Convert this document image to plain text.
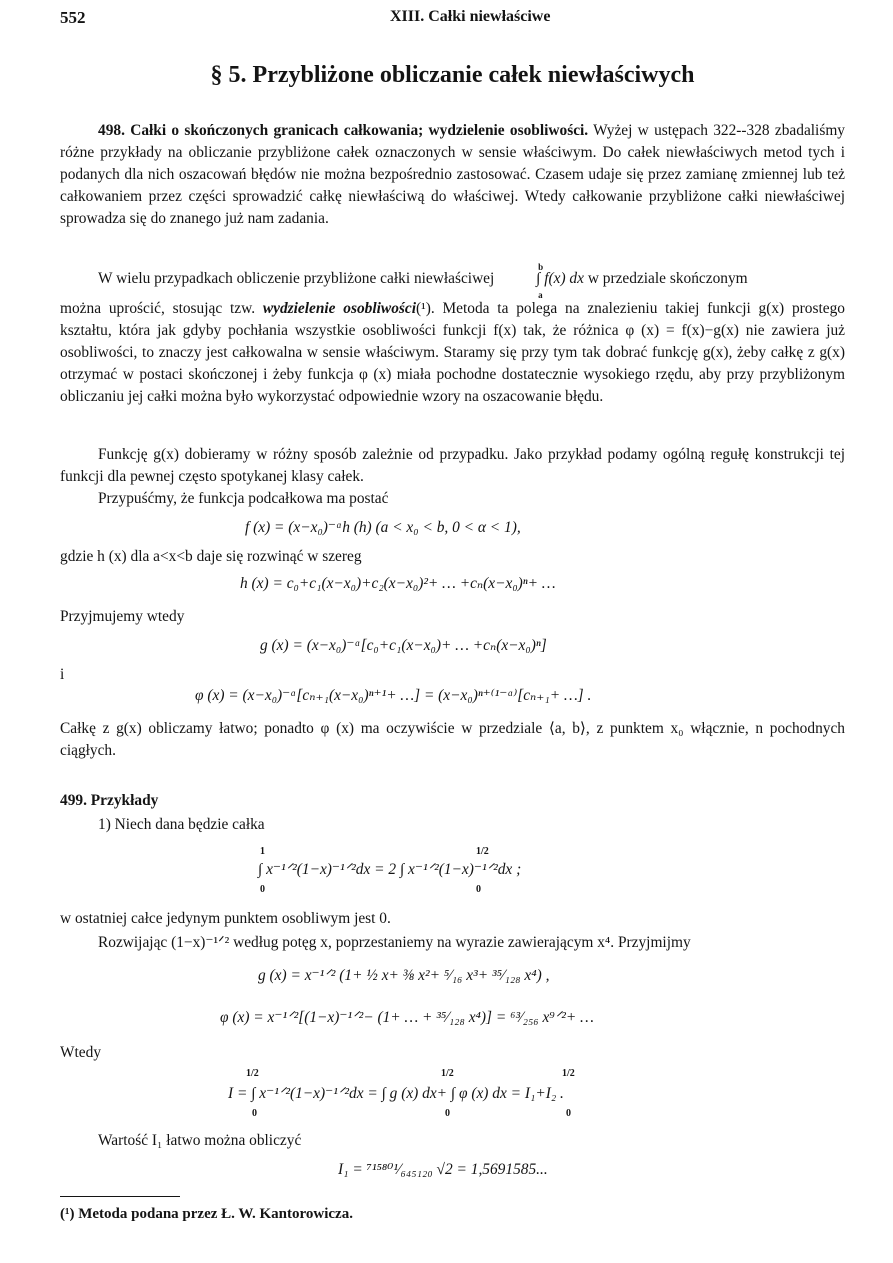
552	XIII. Całki niewłaściwe
§ 5. Przybliżone obliczanie całek niewłaściwych
498. Całki o skończonych granicach całkowania; wydzielenie osobliwości. Wyżej w ustępach 322--328 zbadaliśmy różne przykłady na obliczanie przybliżone całek oznaczonych w sensie właściwym. Do całek niewłaściwych metod tych i podanych dla nich oszacowań błędów nie można bezpośrednio zastosować. Czasem udaje się przez zamianę zmiennej lub też całkowaniem przez części sprowadzić całkę niewłaściwą do właściwej. Wtedy całkowanie przybliżone całki niewłaściwej sprowadza się do znanego już nam zadania.
W wielu przypadkach obliczenie przybliżone całki niewłaściwej
b
∫ f(x) dx
a
w przedziale skończonym
można uprościć, stosując tzw. wydzielenie osobliwości(¹). Metoda ta polega na znalezieniu takiej funkcji g(x) prostego kształtu, która jak gdyby pochłania wszystkie osobliwości funkcji f(x) tak, że różnica φ (x) = f(x)−g(x) nie zawiera już osobliwości, to znaczy jest całkowalna w sensie właściwym. Staramy się przy tym tak dobrać funkcję g(x), żeby całkę z g(x) otrzymać w postaci skończonej i żeby funkcja φ (x) miała pochodne dostatecznie wysokiego rzędu, aby przy przybliżonym obliczaniu jej całki można było wykorzystać odpowiednie wzory na oszacowanie błędu.
Funkcję g(x) dobieramy w różny sposób zależnie od przypadku. Jako przykład podamy ogólną regułę konstrukcji tej funkcji dla pewnej często spotykanej klasy całek.
Przypuśćmy, że funkcja podcałkowa ma postać
f (x) = (x−x₀)⁻ᵅh (h) (a < x₀ < b, 0 < α < 1),
gdzie h (x) dla a<x<b daje się rozwinąć w szereg
h (x) = c₀+c₁(x−x₀)+c₂(x−x₀)²+ … +cₙ(x−x₀)ⁿ+ …
Przyjmujemy wtedy
g (x) = (x−x₀)⁻ᵅ[c₀+c₁(x−x₀)+ … +cₙ(x−x₀)ⁿ]
i
φ (x) = (x−x₀)⁻ᵅ[cₙ₊₁(x−x₀)ⁿ⁺¹+ …] = (x−x₀)ⁿ⁺⁽¹⁻ᵅ⁾[cₙ₊₁+ …] .
Całkę z g(x) obliczamy łatwo; ponadto φ (x) ma oczywiście w przedziale ⟨a, b⟩, z punktem x₀ włącznie, n pochodnych ciągłych.
499. Przykłady
1) Niech dana będzie całka
∫ x⁻¹ᐟ²(1−x)⁻¹ᐟ²dx = 2 ∫ x⁻¹ᐟ²(1−x)⁻¹ᐟ²dx ;
1
0
1/2
0
w ostatniej całce jedynym punktem osobliwym jest 0.
Rozwijając (1−x)⁻¹ᐟ² według potęg x, poprzestaniemy na wyrazie zawierającym x⁴. Przyjmijmy
g (x) = x⁻¹ᐟ² (1+ ½ x+ ⅜ x²+ ⁵⁄₁₆ x³+ ³⁵⁄₁₂₈ x⁴) ,
φ (x) = x⁻¹ᐟ²[(1−x)⁻¹ᐟ²− (1+ … + ³⁵⁄₁₂₈ x⁴)] = ⁶³⁄₂₅₆ x⁹ᐟ²+ …
Wtedy
I = ∫ x⁻¹ᐟ²(1−x)⁻¹ᐟ²dx = ∫ g (x) dx+ ∫ φ (x) dx = I₁+I₂ .
1/2
0
1/2
0
1/2
0
Wartość I₁ łatwo można obliczyć
I₁ = ⁷¹⁵⁸⁰¹⁄₆₄₅₁₂₀ √2 = 1,5691585...
(¹) Metoda podana przez Ł. W. Kantorowicza.
